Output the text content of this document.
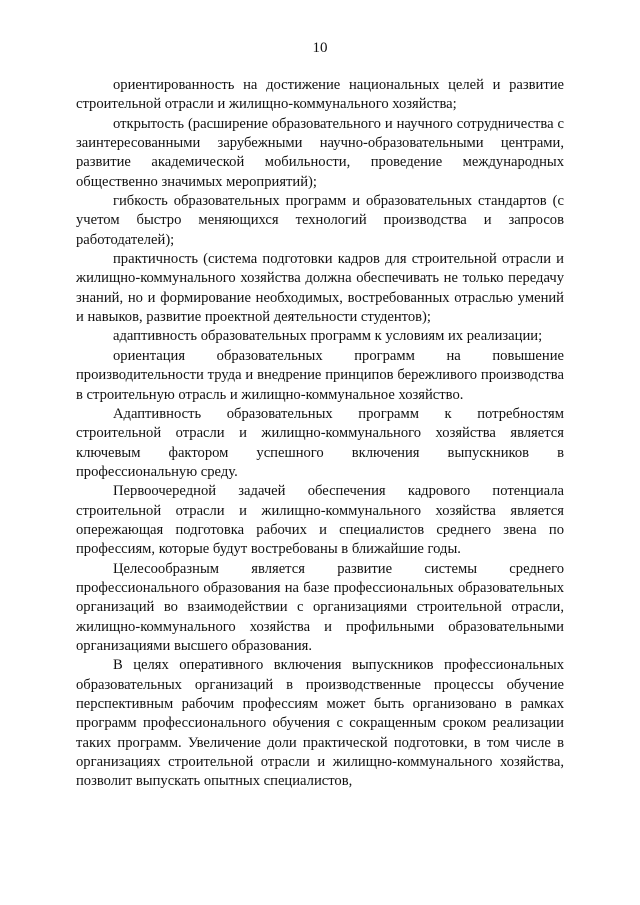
10

ориентированность на достижение национальных целей и развитие строительной отрасли и жилищно-коммунального хозяйства;

открытость (расширение образовательного и научного сотрудничества с заинтересованными зарубежными научно-образовательными центрами, развитие академической мобильности, проведение международных общественно значимых мероприятий);

гибкость образовательных программ и образовательных стандартов (с учетом быстро меняющихся технологий производства и запросов работодателей);

практичность (система подготовки кадров для строительной отрасли и жилищно-коммунального хозяйства должна обеспечивать не только передачу знаний, но и формирование необходимых, востребованных отраслью умений и навыков, развитие проектной деятельности студентов);

адаптивность образовательных программ к условиям их реализации;

ориентация образовательных программ на повышение производительности труда и внедрение принципов бережливого производства в строительную отрасль и жилищно-коммунальное хозяйство.

Адаптивность образовательных программ к потребностям строительной отрасли и жилищно-коммунального хозяйства является ключевым фактором успешного включения выпускников в профессиональную среду.

Первоочередной задачей обеспечения кадрового потенциала строительной отрасли и жилищно-коммунального хозяйства является опережающая подготовка рабочих и специалистов среднего звена по профессиям, которые будут востребованы в ближайшие годы.

Целесообразным является развитие системы среднего профессионального образования на базе профессиональных образовательных организаций во взаимодействии с организациями строительной отрасли, жилищно-коммунального хозяйства и профильными образовательными организациями высшего образования.

В целях оперативного включения выпускников профессиональных образовательных организаций в производственные процессы обучение перспективным рабочим профессиям может быть организовано в рамках программ профессионального обучения с сокращенным сроком реализации таких программ. Увеличение доли практической подготовки, в том числе в организациях строительной отрасли и жилищно-коммунального хозяйства, позволит выпускать опытных специалистов,
